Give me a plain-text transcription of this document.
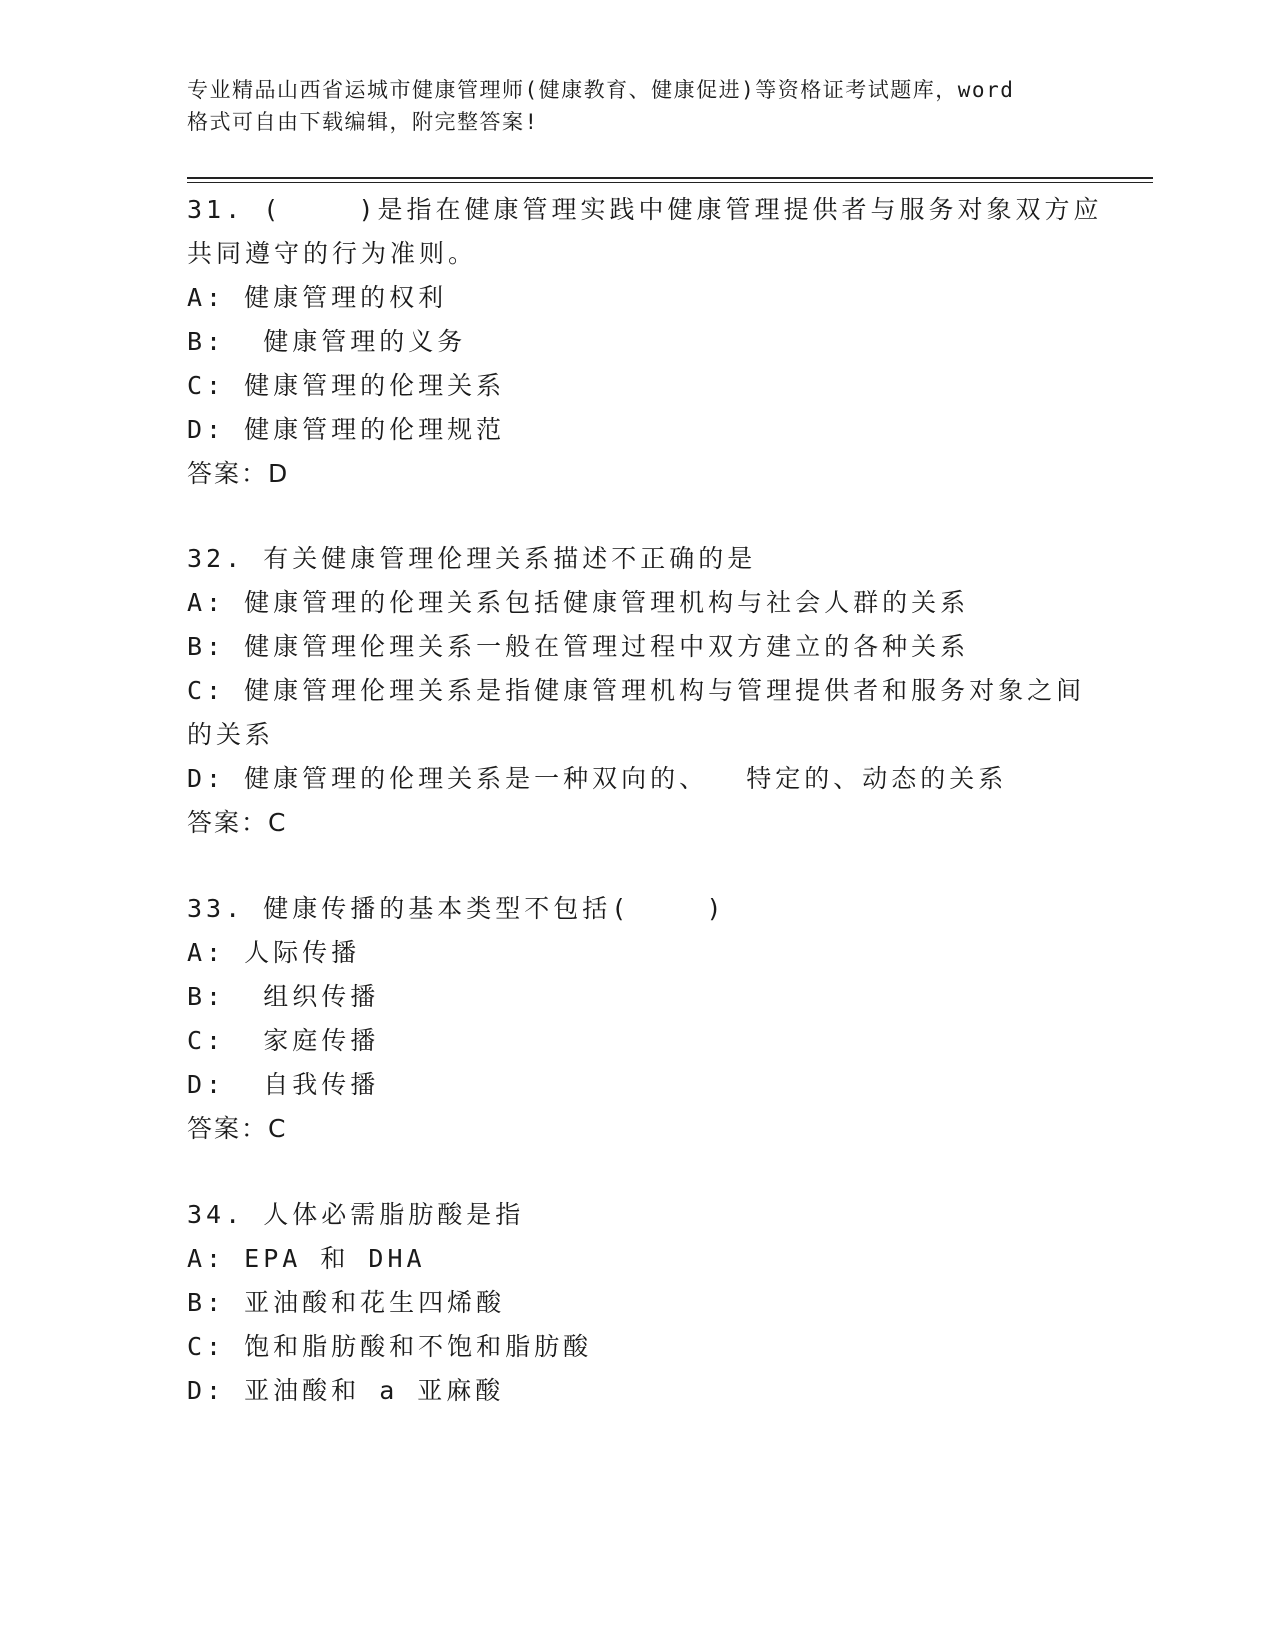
专业精品山西省运城市健康管理师(健康教育、健康促进)等资格证考试题库，word
格式可自由下载编辑，附完整答案!
31. (    )是指在健康管理实践中健康管理提供者与服务对象双方应
共同遵守的行为准则。
A: 健康管理的权利
B:  健康管理的义务
C: 健康管理的伦理关系
D: 健康管理的伦理规范
答案：D
32. 有关健康管理伦理关系描述不正确的是
A: 健康管理的伦理关系包括健康管理机构与社会人群的关系
B: 健康管理伦理关系一般在管理过程中双方建立的各种关系
C: 健康管理伦理关系是指健康管理机构与管理提供者和服务对象之间
的关系
D: 健康管理的伦理关系是一种双向的、  特定的、动态的关系
答案：C
33. 健康传播的基本类型不包括(    )
A: 人际传播
B:  组织传播
C:  家庭传播
D:  自我传播
答案：C
34. 人体必需脂肪酸是指
A: EPA 和 DHA
B: 亚油酸和花生四烯酸
C: 饱和脂肪酸和不饱和脂肪酸
D: 亚油酸和 a 亚麻酸
